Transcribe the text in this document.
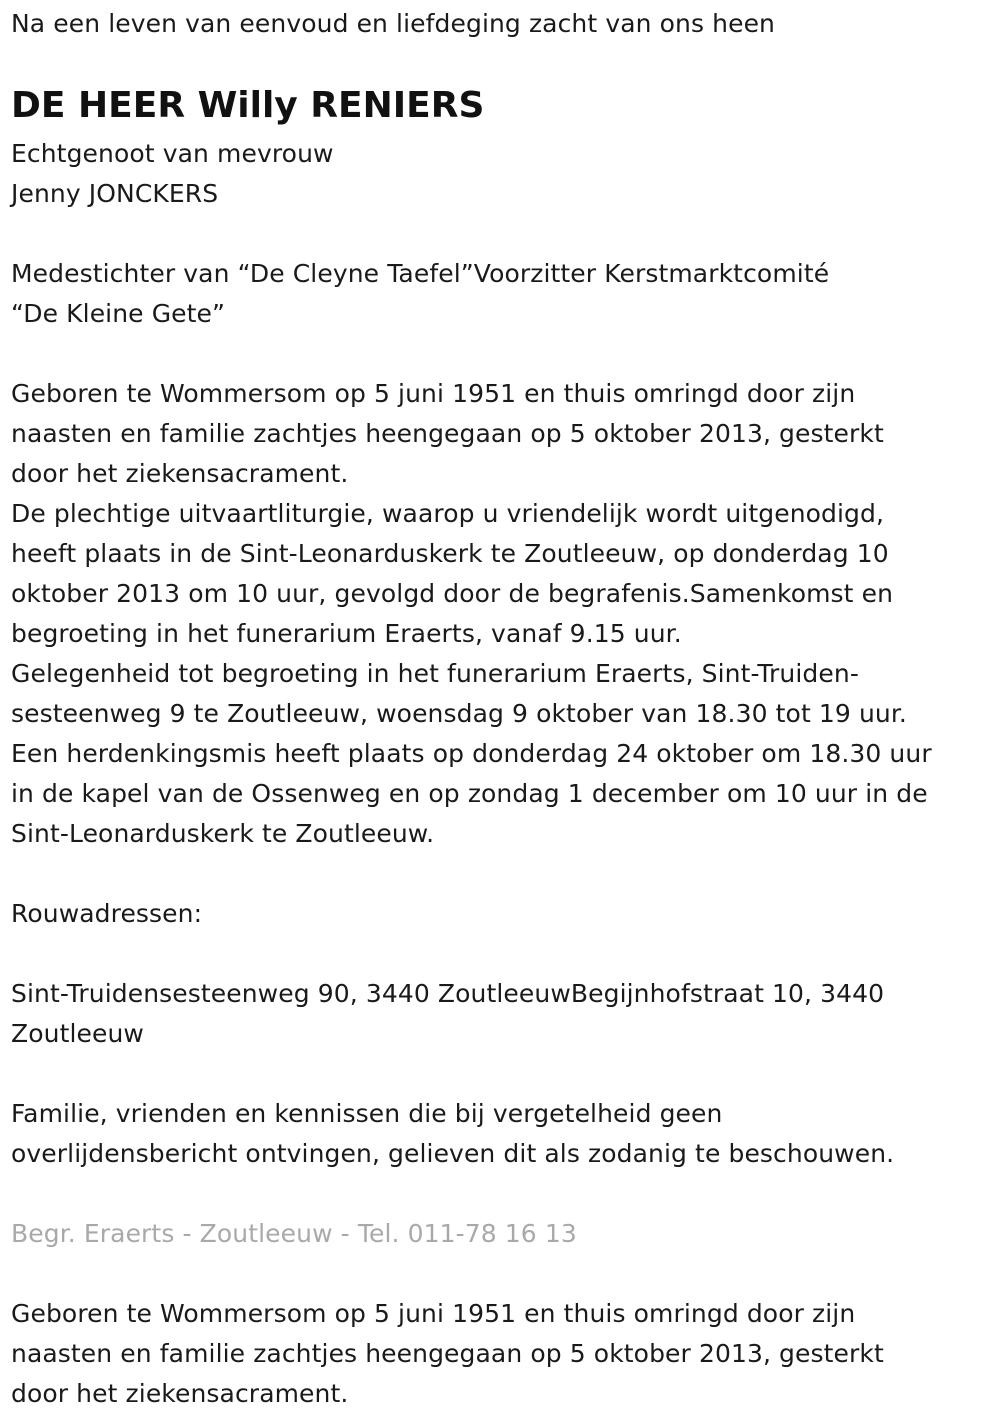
Na een leven van eenvoud en liefdeging zacht van ons heen
DE HEER Willy RENIERS
Echtgenoot van mevrouw
Jenny JONCKERS
Medestichter van “De Cleyne Taefel”Voorzitter Kerstmarktcomité
“De Kleine Gete”
Geboren te Wommersom op 5 juni 1951 en thuis omringd door zijn
naasten en familie zachtjes heengegaan op 5 oktober 2013, gesterkt
door het ziekensacrament.
De plechtige uitvaartliturgie, waarop u vriendelijk wordt uitgenodigd,
heeft plaats in de Sint-Leonarduskerk te Zoutleeuw, op donderdag 10
oktober 2013 om 10 uur, gevolgd door de begrafenis.Samenkomst en
begroeting in het funerarium Eraerts, vanaf 9.15 uur.
Gelegenheid tot begroeting in het funerarium Eraerts, Sint-Truiden-
sesteenweg 9 te Zoutleeuw, woensdag 9 oktober van 18.30 tot 19 uur.
Een herdenkingsmis heeft plaats op donderdag 24 oktober om 18.30 uur
in de kapel van de Ossenweg en op zondag 1 december om 10 uur in de
Sint-Leonarduskerk te Zoutleeuw.
Rouwadressen:
Sint-Truidensesteenweg 90, 3440 ZoutleeuwBegijnhofstraat 10, 3440
Zoutleeuw
Familie, vrienden en kennissen die bij vergetelheid geen
overlijdensbericht ontvingen, gelieven dit als zodanig te beschouwen.
Begr. Eraerts - Zoutleeuw - Tel. 011-78 16 13
Geboren te Wommersom op 5 juni 1951 en thuis omringd door zijn
naasten en familie zachtjes heengegaan op 5 oktober 2013, gesterkt
door het ziekensacrament.
